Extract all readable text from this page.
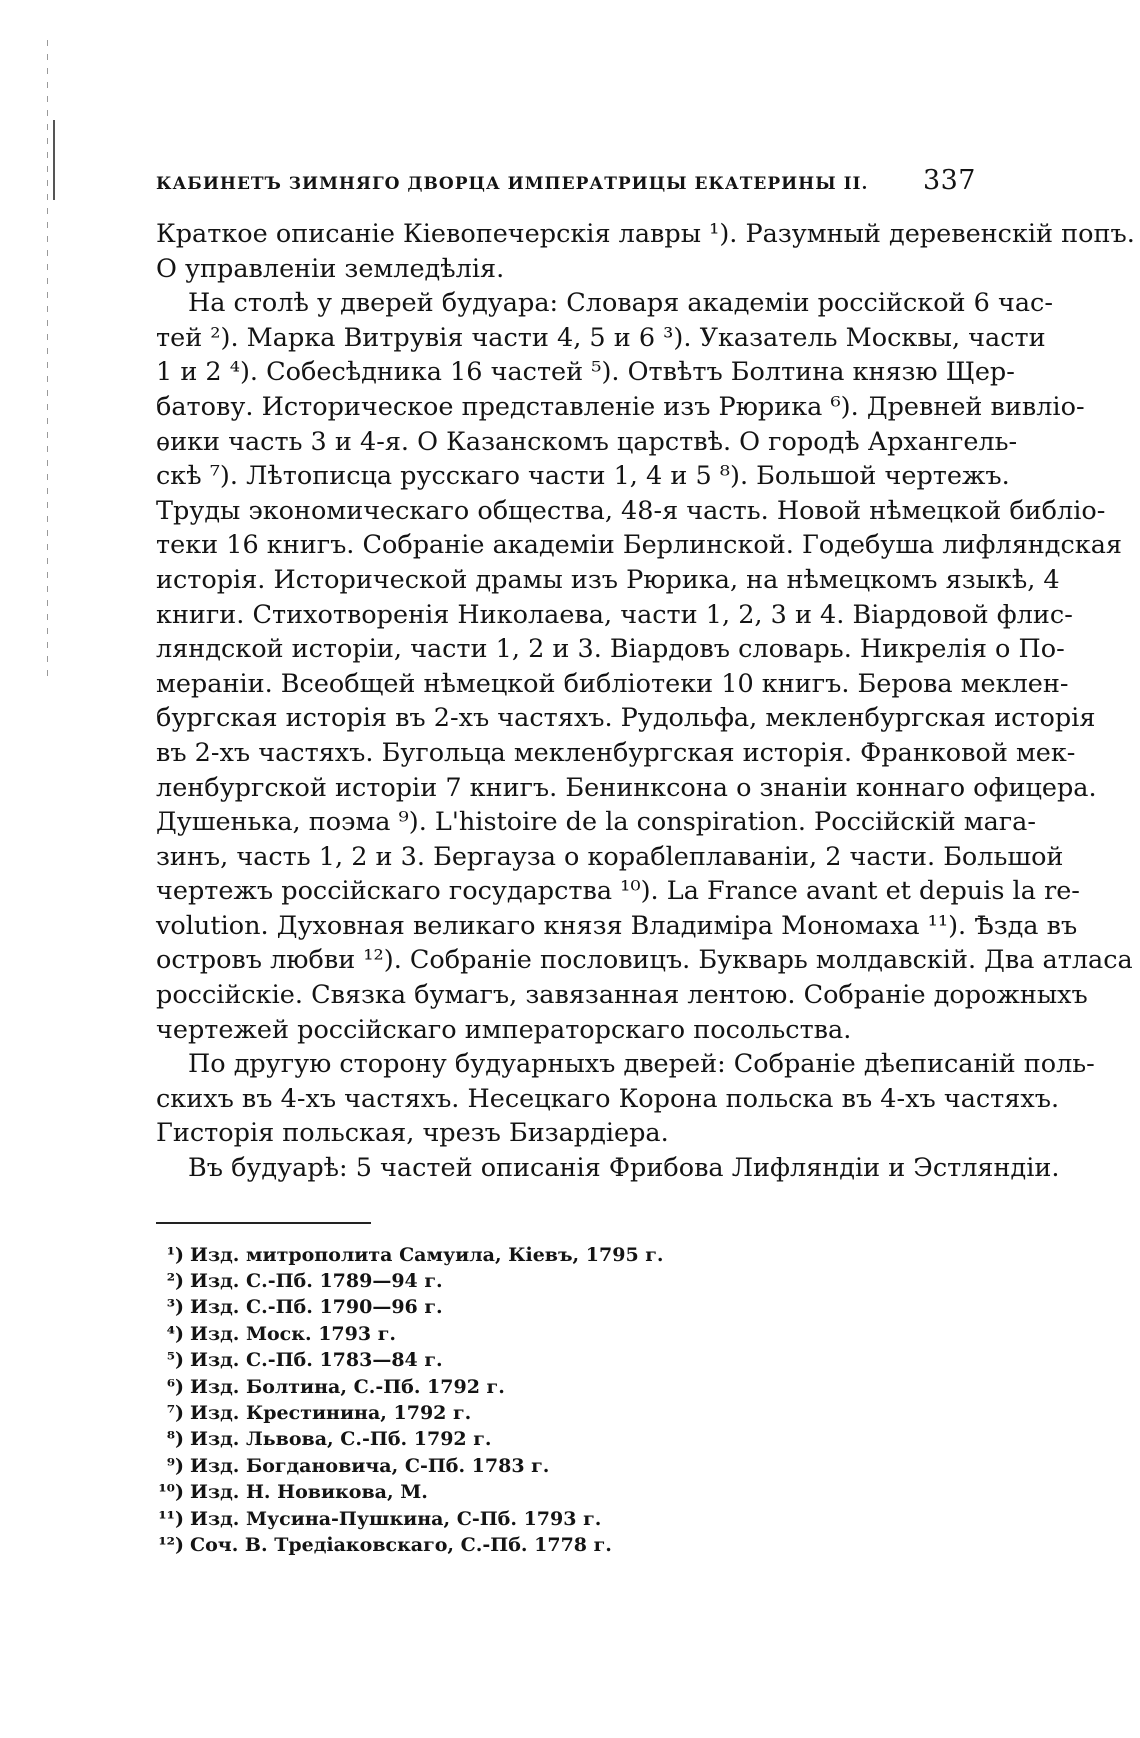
КАБИНЕТЪ ЗИМНЯГО ДВОРЦА ИМПЕРАТРИЦЫ ЕКАТЕРИНЫ II. 337
Краткое описаніе Кіевопечерскія лавры ¹). Разумный деревенскій попъ.
О управленіи земледѣлія.
На столѣ у дверей будуара: Словаря академіи россійской 6 час-
тей ²). Марка Витрувія части 4, 5 и 6 ³). Указатель Москвы, части
1 и 2 ⁴). Собесѣдника 16 частей ⁵). Отвѣтъ Болтина князю Щер-
батову. Историческое представленіе изъ Рюрика ⁶). Древней вивліо-
ѳики часть 3 и 4-я. О Казанскомъ царствѣ. О городѣ Архангель-
скѣ ⁷). Лѣтописца русскаго части 1, 4 и 5 ⁸). Большой чертежъ.
Труды экономическаго общества, 48-я часть. Новой нѣмецкой библіо-
теки 16 книгъ. Собраніе академіи Берлинской. Годебуша лифляндская
исторія. Исторической драмы изъ Рюрика, на нѣмецкомъ языкѣ, 4
книги. Стихотворенія Николаева, части 1, 2, 3 и 4. Віардовой флис-
ляндской исторіи, части 1, 2 и 3. Віардовъ словарь. Никрелія о По-
мераніи. Всеобщей нѣмецкой библіотеки 10 книгъ. Берова меклен-
бургская исторія въ 2-хъ частяхъ. Рудольфа, мекленбургская исторія
въ 2-хъ частяхъ. Бугольца мекленбургская исторія. Франковой мек-
ленбургской исторіи 7 книгъ. Бенинксона о знаніи коннаго офицера.
Душенька, поэма ⁹). L'histoire de la conspiration. Россійскій мага-
зинъ, часть 1, 2 и 3. Бергауза о корабleплаваніи, 2 части. Большой
чертежъ россійскаго государства ¹⁰). La France avant et depuis la re-
volution. Духовная великаго князя Владиміра Мономаха ¹¹). Ѣзда въ
островъ любви ¹²). Собраніе пословицъ. Букварь молдавскій. Два атласа
россійскіе. Связка бумагъ, завязанная лентою. Собраніе дорожныхъ
чертежей россійскаго императорскаго посольства.
По другую сторону будуарныхъ дверей: Собраніе дѣеписаній поль-
скихъ въ 4-хъ частяхъ. Несецкаго Корона польска въ 4-хъ частяхъ.
Гисторія польская, чрезъ Бизардіера.
Въ будуарѣ: 5 частей описанія Фрибова Лифляндіи и Эстляндіи.
¹) Изд. митрополита Самуила, Кіевъ, 1795 г.
²) Изд. С.-Пб. 1789—94 г.
³) Изд. С.-Пб. 1790—96 г.
⁴) Изд. Моск. 1793 г.
⁵) Изд. С.-Пб. 1783—84 г.
⁶) Изд. Болтина, С.-Пб. 1792 г.
⁷) Изд. Крестинина, 1792 г.
⁸) Изд. Львова, С.-Пб. 1792 г.
⁹) Изд. Богдановича, С-Пб. 1783 г.
¹⁰) Изд. Н. Новикова, М.
¹¹) Изд. Мусина-Пушкина, С-Пб. 1793 г.
¹²) Соч. В. Тредіаковскаго, С.-Пб. 1778 г.
